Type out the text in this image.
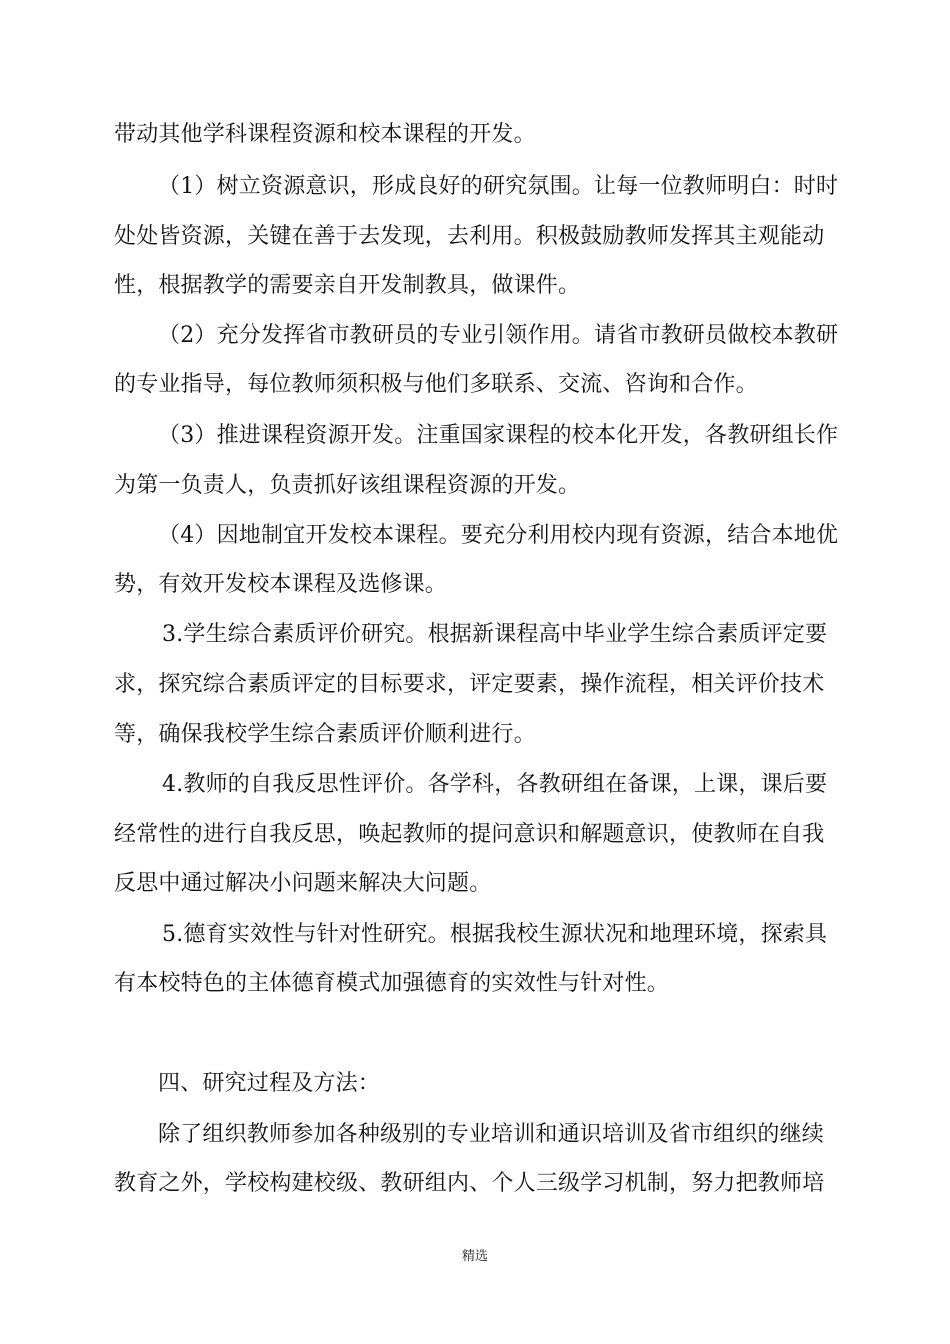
带动其他学科课程资源和校本课程的开发。
（1）树立资源意识，形成良好的研究氛围。让每一位教师明白：时时
处处皆资源，关键在善于去发现，去利用。积极鼓励教师发挥其主观能动
性，根据教学的需要亲自开发制教具，做课件。
（2）充分发挥省市教研员的专业引领作用。请省市教研员做校本教研
的专业指导，每位教师须积极与他们多联系、交流、咨询和合作。
（3）推进课程资源开发。注重国家课程的校本化开发，各教研组长作
为第一负责人，负责抓好该组课程资源的开发。
（4）因地制宜开发校本课程。要充分利用校内现有资源，结合本地优
势，有效开发校本课程及选修课。
3.学生综合素质评价研究。根据新课程高中毕业学生综合素质评定要
求，探究综合素质评定的目标要求，评定要素，操作流程，相关评价技术
等，确保我校学生综合素质评价顺利进行。
4.教师的自我反思性评价。各学科，各教研组在备课，上课，课后要
经常性的进行自我反思，唤起教师的提问意识和解题意识，使教师在自我
反思中通过解决小问题来解决大问题。
5.德育实效性与针对性研究。根据我校生源状况和地理环境，探索具
有本校特色的主体德育模式加强德育的实效性与针对性。
四、研究过程及方法：
除了组织教师参加各种级别的专业培训和通识培训及省市组织的继续
教育之外，学校构建校级、教研组内、个人三级学习机制，努力把教师培
精选
